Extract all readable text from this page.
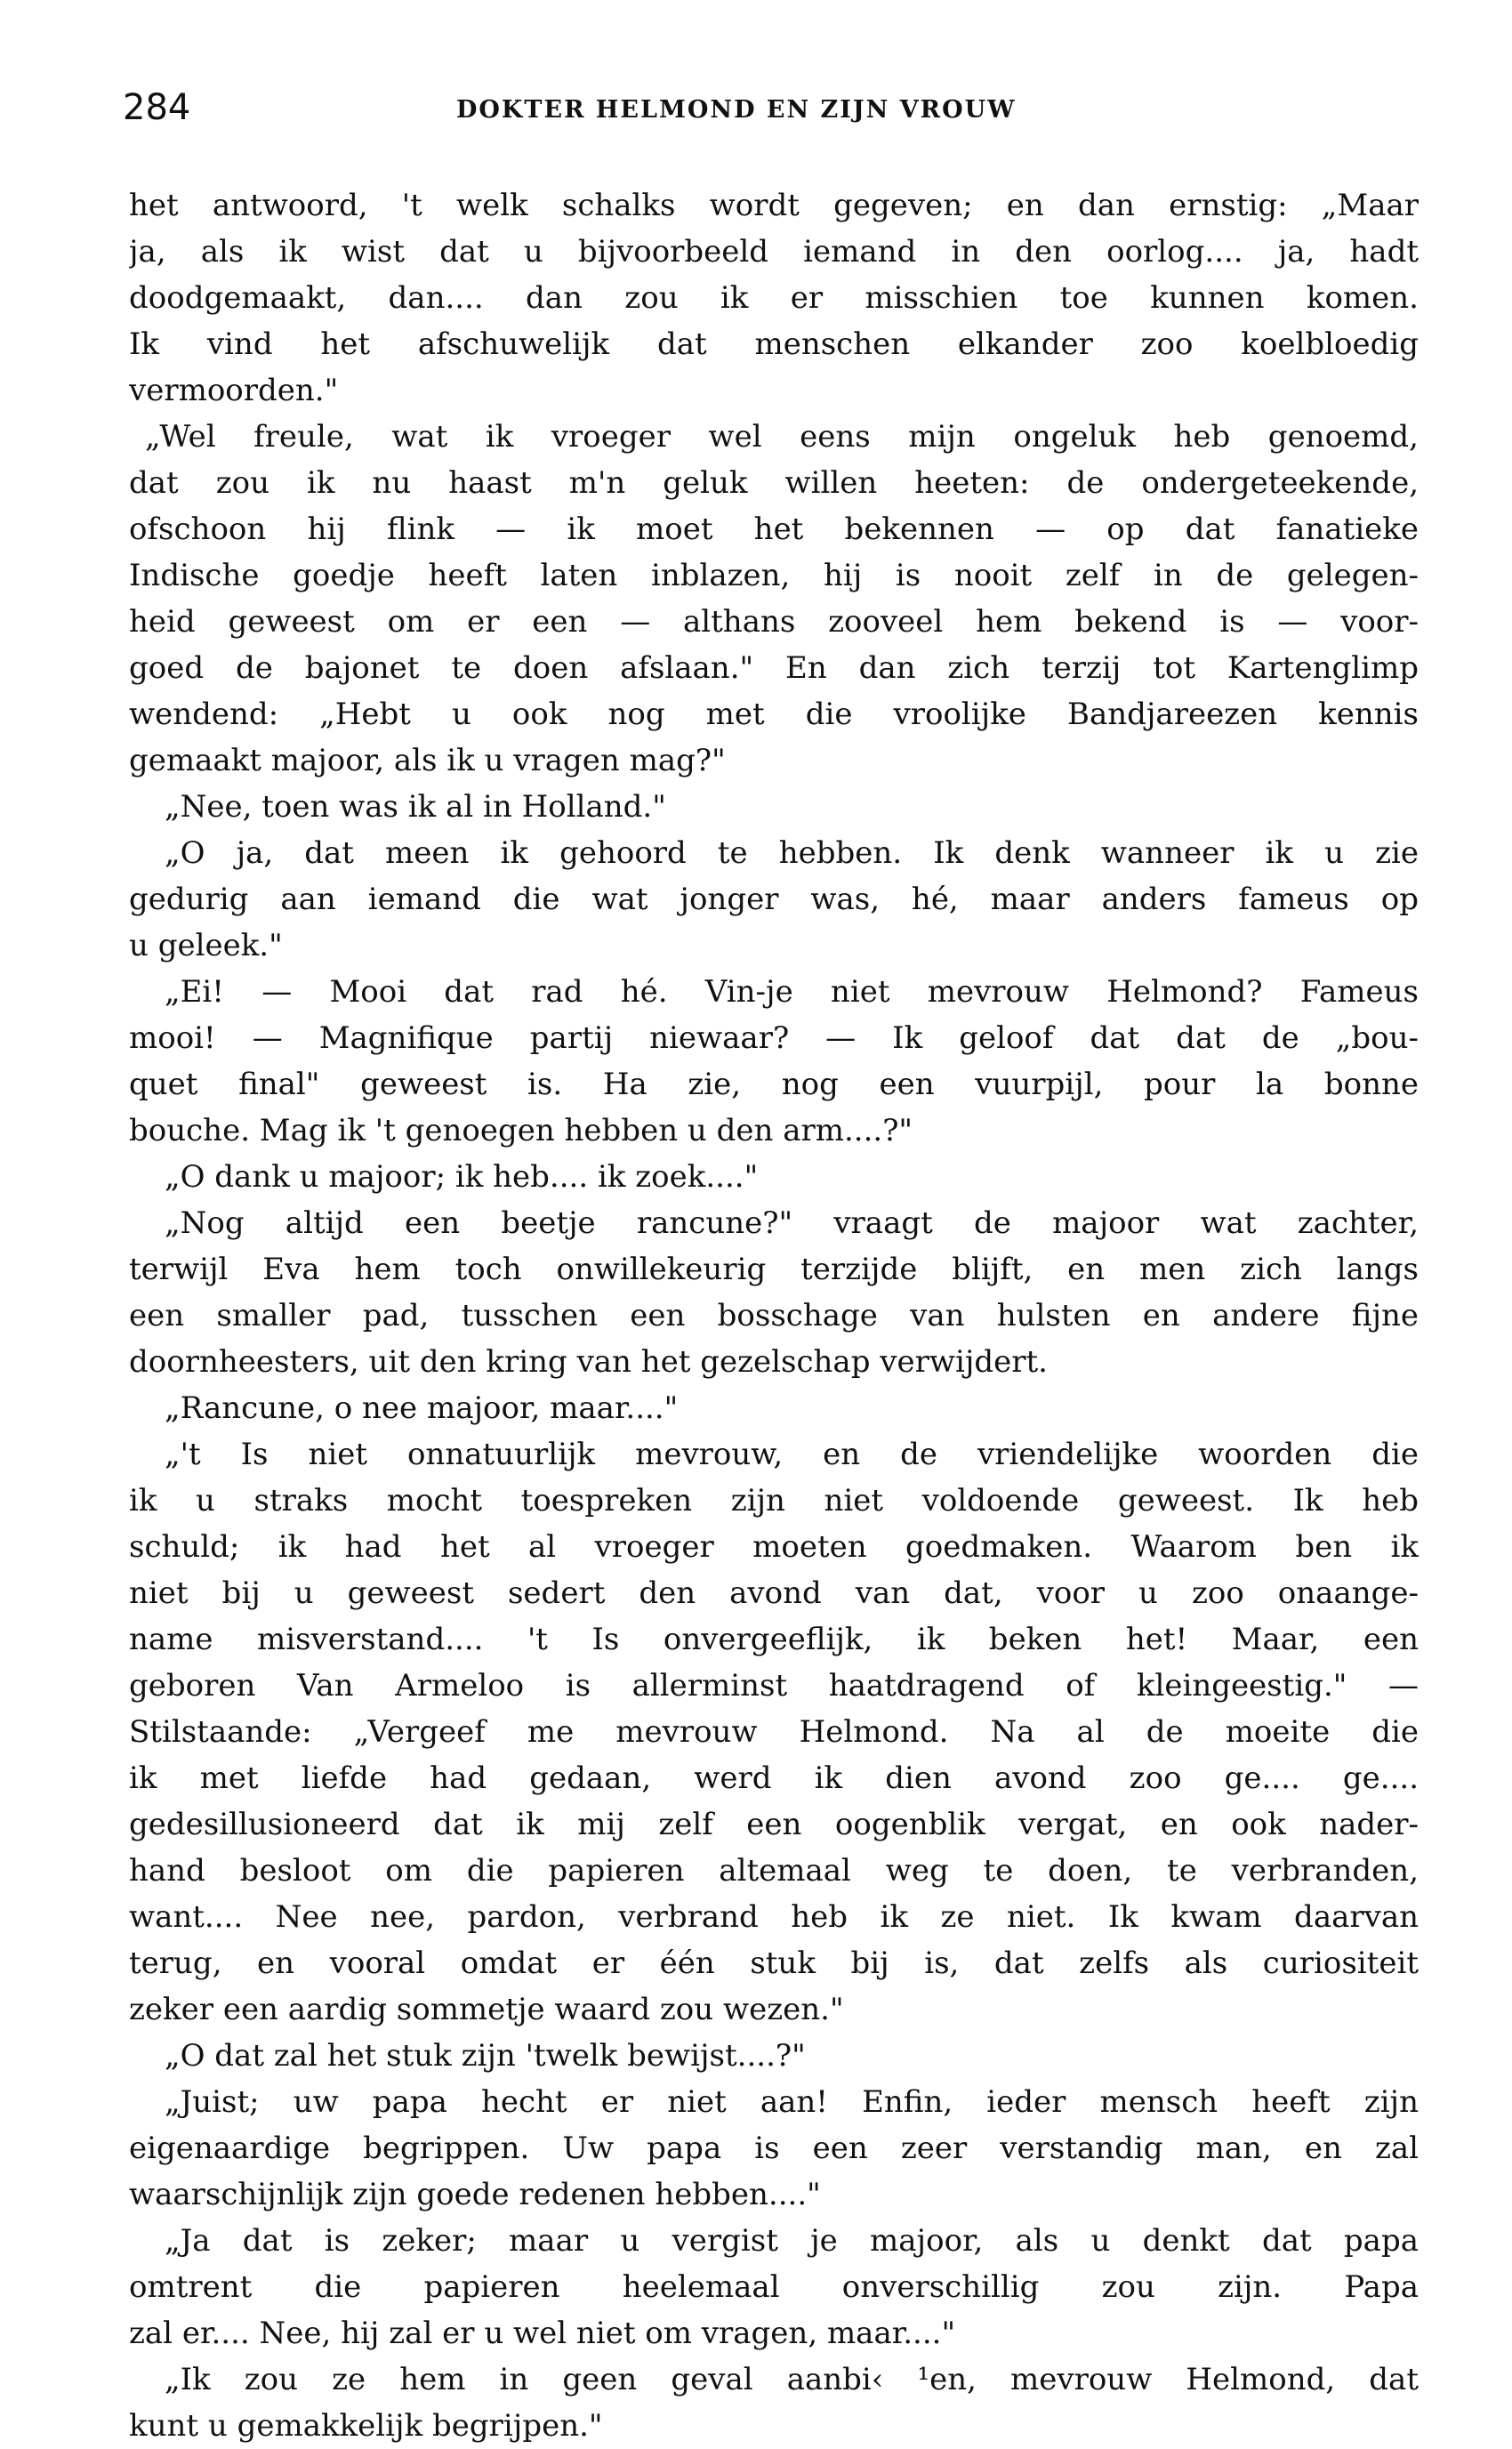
284	DOKTER HELMOND EN ZIJN VROUW
het antwoord, 't welk schalks wordt gegeven; en dan ernstig: „Maar
ja, als ik wist dat u bijvoorbeeld iemand in den oorlog.... ja, hadt
doodgemaakt, dan.... dan zou ik er misschien toe kunnen komen.
Ik vind het afschuwelijk dat menschen elkander zoo koelbloedig
vermoorden."
„Wel freule, wat ik vroeger wel eens mijn ongeluk heb genoemd,
dat zou ik nu haast m'n geluk willen heeten: de ondergeteekende,
ofschoon hij flink — ik moet het bekennen — op dat fanatieke
Indische goedje heeft laten inblazen, hij is nooit zelf in de gelegen-
heid geweest om er een — althans zooveel hem bekend is — voor-
goed de bajonet te doen afslaan." En dan zich terzij tot Kartenglimp
wendend: „Hebt u ook nog met die vroolijke Bandjareezen kennis
gemaakt majoor, als ik u vragen mag?"
„Nee, toen was ik al in Holland."
„O ja, dat meen ik gehoord te hebben. Ik denk wanneer ik u zie
gedurig aan iemand die wat jonger was, hé, maar anders fameus op
u geleek."
„Ei! — Mooi dat rad hé. Vin-je niet mevrouw Helmond? Fameus
mooi! — Magnifique partij niewaar? — Ik geloof dat dat de „bou-
quet final" geweest is. Ha zie, nog een vuurpijl, pour la bonne
bouche. Mag ik 't genoegen hebben u den arm....?"
„O dank u majoor; ik heb.... ik zoek...."
„Nog altijd een beetje rancune?" vraagt de majoor wat zachter,
terwijl Eva hem toch onwillekeurig terzijde blijft, en men zich langs
een smaller pad, tusschen een bosschage van hulsten en andere fijne
doornheesters, uit den kring van het gezelschap verwijdert.
„Rancune, o nee majoor, maar...."
„'t Is niet onnatuurlijk mevrouw, en de vriendelijke woorden die
ik u straks mocht toespreken zijn niet voldoende geweest. Ik heb
schuld; ik had het al vroeger moeten goedmaken. Waarom ben ik
niet bij u geweest sedert den avond van dat, voor u zoo onaange-
name misverstand.... 't Is onvergeeflijk, ik beken het! Maar, een
geboren Van Armeloo is allerminst haatdragend of kleingeestig." —
Stilstaande: „Vergeef me mevrouw Helmond. Na al de moeite die
ik met liefde had gedaan, werd ik dien avond zoo ge.... ge....
gedesillusioneerd dat ik mij zelf een oogenblik vergat, en ook nader-
hand besloot om die papieren altemaal weg te doen, te verbranden,
want.... Nee nee, pardon, verbrand heb ik ze niet. Ik kwam daarvan
terug, en vooral omdat er één stuk bij is, dat zelfs als curiositeit
zeker een aardig sommetje waard zou wezen."
„O dat zal het stuk zijn 'twelk bewijst....?"
„Juist; uw papa hecht er niet aan! Enfin, ieder mensch heeft zijn
eigenaardige begrippen. Uw papa is een zeer verstandig man, en zal
waarschijnlijk zijn goede redenen hebben...."
„Ja dat is zeker; maar u vergist je majoor, als u denkt dat papa
omtrent die papieren heelemaal onverschillig zou zijn. Papa
zal er.... Nee, hij zal er u wel niet om vragen, maar...."
„Ik zou ze hem in geen geval aanbi‹ ¹en, mevrouw Helmond, dat
kunt u gemakkelijk begrijpen."
